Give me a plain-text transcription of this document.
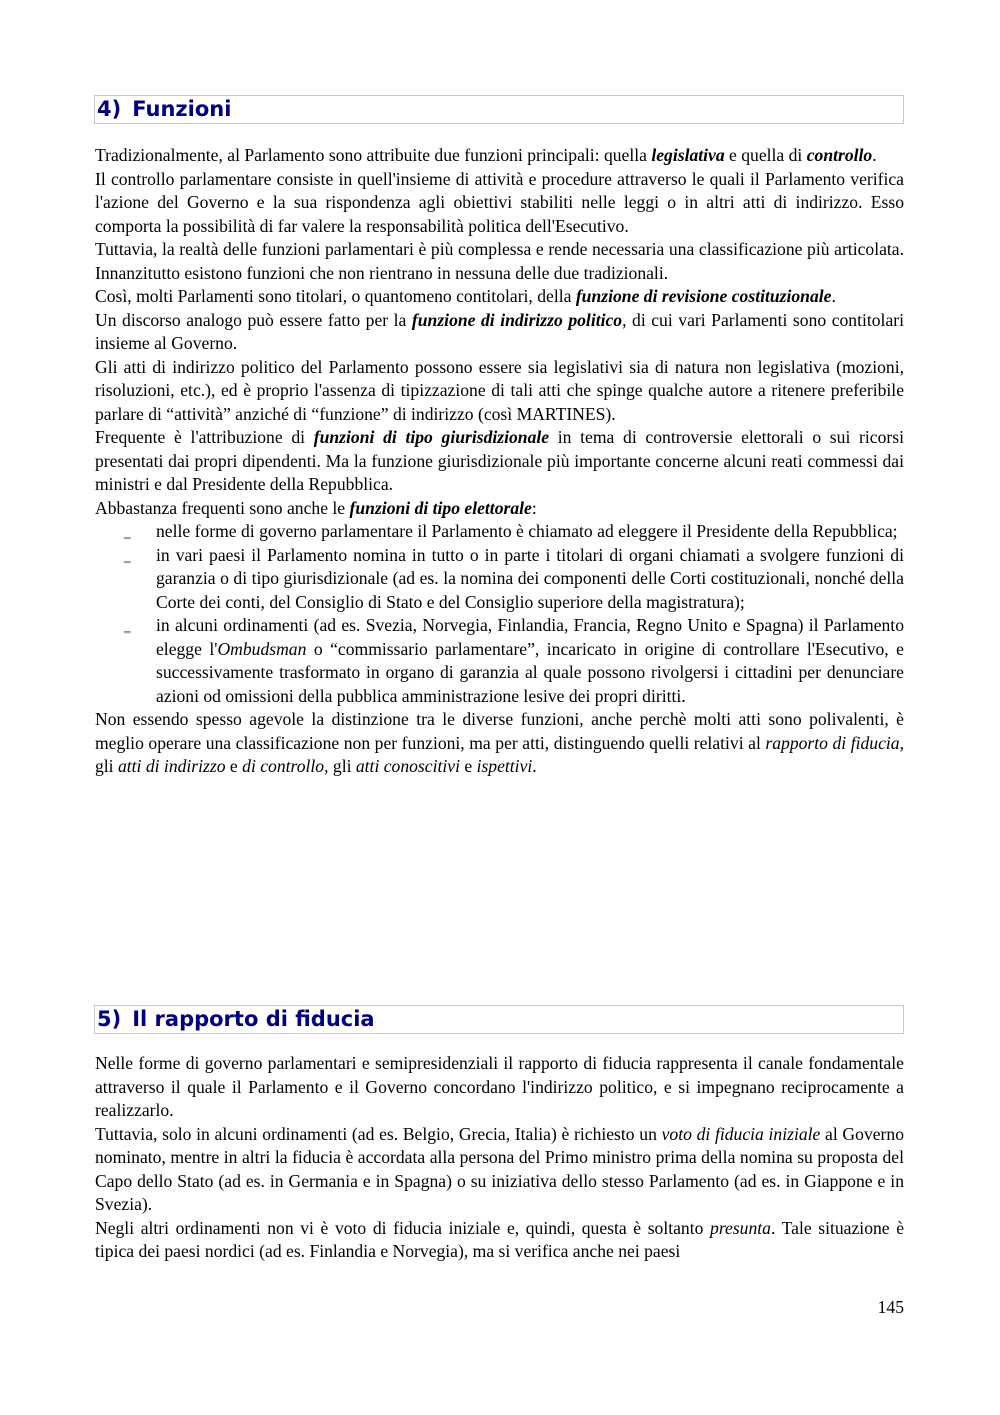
4) Funzioni

Tradizionalmente, al Parlamento sono attribuite due funzioni principali: quella legislativa e quella di controllo.

Il controllo parlamentare consiste in quell'insieme di attività e procedure attraverso le quali il Parlamento verifica l'azione del Governo e la sua rispondenza agli obiettivi stabiliti nelle leggi o in altri atti di indirizzo. Esso comporta la possibilità di far valere la responsabilità politica dell'Esecutivo.

Tuttavia, la realtà delle funzioni parlamentari è più complessa e rende necessaria una classificazione più articolata. Innanzitutto esistono funzioni che non rientrano in nessuna delle due tradizionali.

Così, molti Parlamenti sono titolari, o quantomeno contitolari, della funzione di revisione costituzionale.

Un discorso analogo può essere fatto per la funzione di indirizzo politico, di cui vari Parlamenti sono contitolari insieme al Governo.

Gli atti di indirizzo politico del Parlamento possono essere sia legislativi sia di natura non legislativa (mozioni, risoluzioni, etc.), ed è proprio l'assenza di tipizzazione di tali atti che spinge qualche autore a ritenere preferibile parlare di “attività” anziché di “funzione” di indirizzo (così MARTINES).

Frequente è l'attribuzione di funzioni di tipo giurisdizionale in tema di controversie elettorali o sui ricorsi presentati dai propri dipendenti. Ma la funzione giurisdizionale più importante concerne alcuni reati commessi dai ministri e dal Presidente della Repubblica.

Abbastanza frequenti sono anche le funzioni di tipo elettorale:

‗ nelle forme di governo parlamentare il Parlamento è chiamato ad eleggere il Presidente della Repubblica;
‗ in vari paesi il Parlamento nomina in tutto o in parte i titolari di organi chiamati a svolgere funzioni di garanzia o di tipo giurisdizionale (ad es. la nomina dei componenti delle Corti costituzionali, nonché della Corte dei conti, del Consiglio di Stato e del Consiglio superiore della magistratura);
‗ in alcuni ordinamenti (ad es. Svezia, Norvegia, Finlandia, Francia, Regno Unito e Spagna) il Parlamento elegge l'Ombudsman o “commissario parlamentare”, incaricato in origine di controllare l'Esecutivo, e successivamente trasformato in organo di garanzia al quale possono rivolgersi i cittadini per denunciare azioni od omissioni della pubblica amministrazione lesive dei propri diritti.

Non essendo spesso agevole la distinzione tra le diverse funzioni, anche perchè molti atti sono polivalenti, è meglio operare una classificazione non per funzioni, ma per atti, distinguendo quelli relativi al rapporto di fiducia, gli atti di indirizzo e di controllo, gli atti conoscitivi e ispettivi.

5) Il rapporto di fiducia

Nelle forme di governo parlamentari e semipresidenziali il rapporto di fiducia rappresenta il canale fondamentale attraverso il quale il Parlamento e il Governo concordano l'indirizzo politico, e si impegnano reciprocamente a realizzarlo.

Tuttavia, solo in alcuni ordinamenti (ad es. Belgio, Grecia, Italia) è richiesto un voto di fiducia iniziale al Governo nominato, mentre in altri la fiducia è accordata alla persona del Primo ministro prima della nomina su proposta del Capo dello Stato (ad es. in Germania e in Spagna) o su iniziativa dello stesso Parlamento (ad es. in Giappone e in Svezia).

Negli altri ordinamenti non vi è voto di fiducia iniziale e, quindi, questa è soltanto presunta. Tale situazione è tipica dei paesi nordici (ad es. Finlandia e Norvegia), ma si verifica anche nei paesi

145
